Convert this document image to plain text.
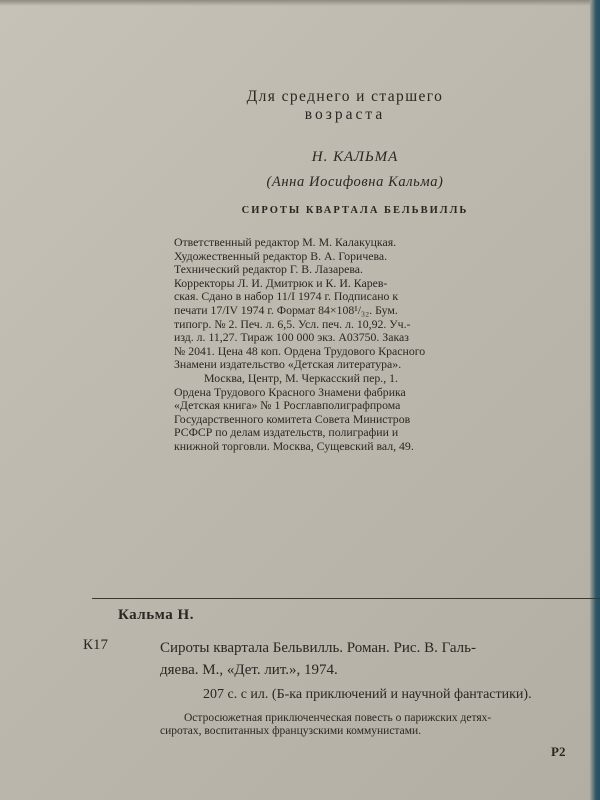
Для среднего и старшего
возраста
Н. КАЛЬМА
(Анна Иосифовна Кальма)
СИРОТЫ КВАРТАЛА БЕЛЬВИЛЛЬ
Ответственный редактор М. М. Калакуцкая.
Художественный редактор В. А. Горичева.
Технический редактор Г. В. Лазарева.
Корректоры Л. И. Дмитрюк и К. И. Карев-
ская. Сдано в набор 11/I 1974 г. Подписано к
печати 17/IV 1974 г. Формат 84×108¹/₃₂. Бум.
типогр. № 2. Печ. л. 6,5. Усл. печ. л. 10,92. Уч.-
изд. л. 11,27. Тираж 100 000 экз. А03750. Заказ
№ 2041. Цена 48 коп. Ордена Трудового Красного
Знамени издательство «Детская литература».
Москва, Центр, М. Черкасский пер., 1.
Ордена Трудового Красного Знамени фабрика
«Детская книга» № 1 Росглавполиграфпрома
Государственного комитета Совета Министров
РСФСР по делам издательств, полиграфии и
книжной торговли. Москва, Сущевский вал, 49.
Кальма Н.
К17	Сироты квартала Бельвилль. Роман. Рис. В. Галь-
дяева. М., «Дет. лит.», 1974.
207 с. с ил. (Б-ка приключений и научной фантастики).
Остросюжетная приключенческая повесть о парижских детях-
сиротах, воспитанных французскими коммунистами.
Р2
